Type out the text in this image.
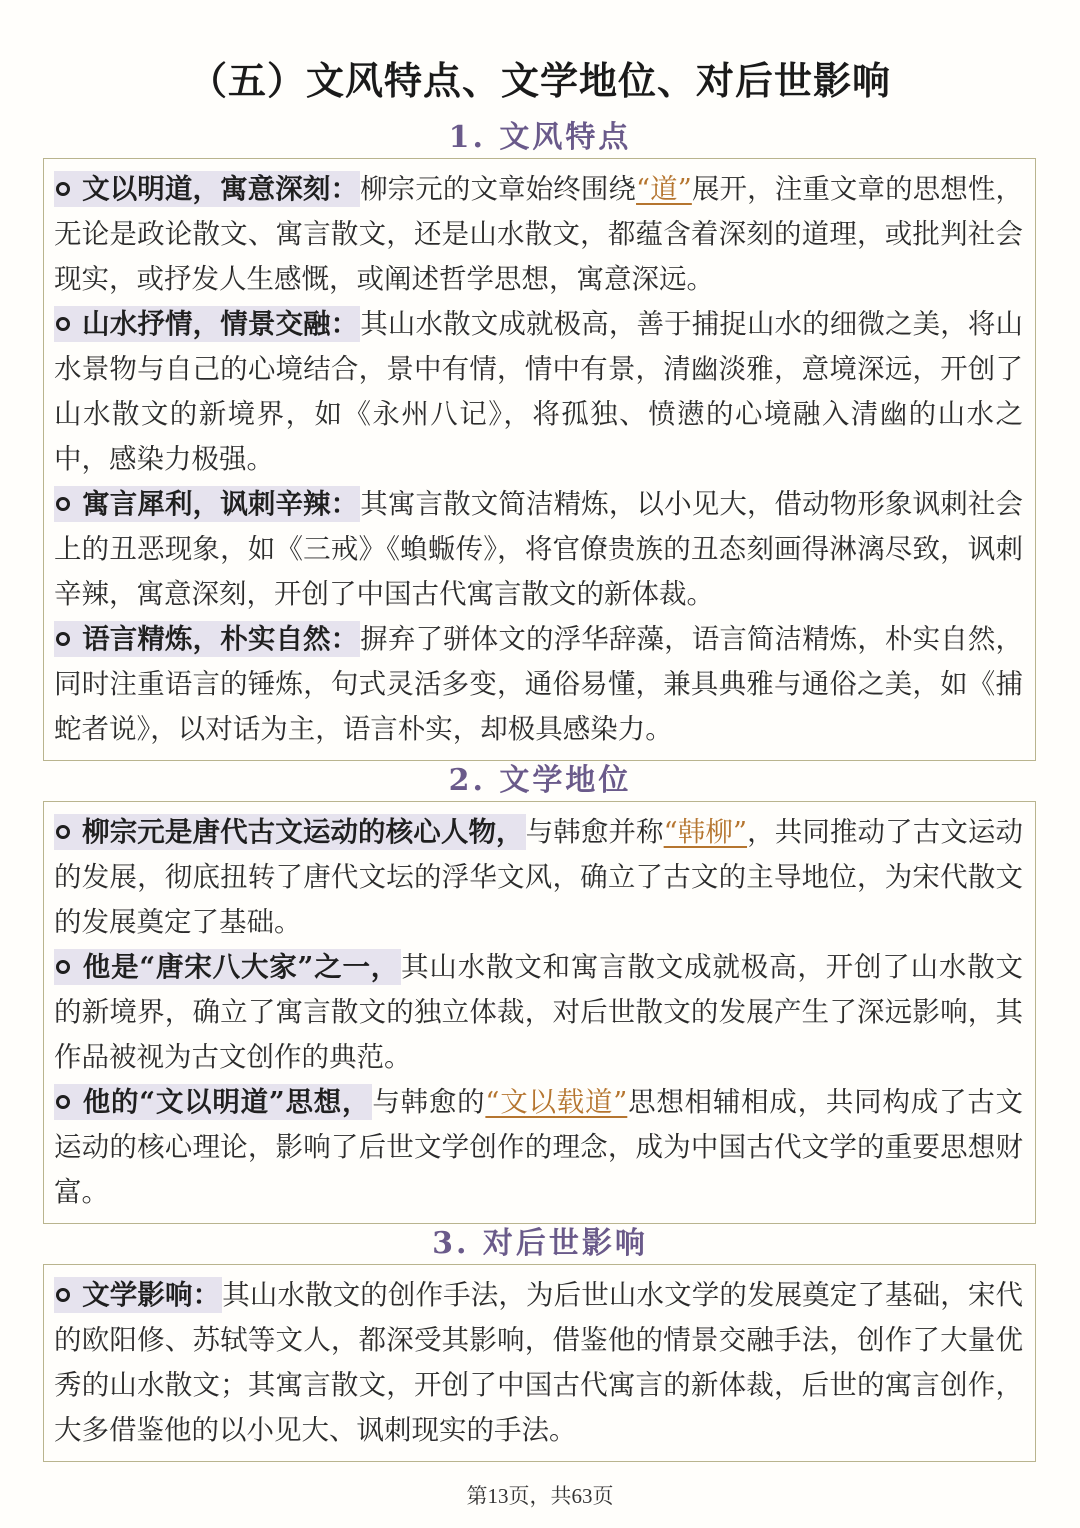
（五）文风特点、文学地位、对后世影响
1. 文风特点

文以明道，寓意深刻：柳宗元的文章始终围绕“道”展开，注重文章的思想性，无论是政论散文、寓言散文，还是山水散文，都蕴含着深刻的道理，或批判社会现实，或抒发人生感慨，或阐述哲学思想，寓意深远。

山水抒情，情景交融：其山水散文成就极高，善于捕捉山水的细微之美，将山水景物与自己的心境结合，景中有情，情中有景，清幽淡雅，意境深远，开创了山水散文的新境界，如《永州八记》，将孤独、愤懑的心境融入清幽的山水之中，感染力极强。

寓言犀利，讽刺辛辣：其寓言散文简洁精炼，以小见大，借动物形象讽刺社会上的丑恶现象，如《三戒》《蝜蝂传》，将官僚贵族的丑态刻画得淋漓尽致，讽刺辛辣，寓意深刻，开创了中国古代寓言散文的新体裁。

语言精炼，朴实自然：摒弃了骈体文的浮华辞藻，语言简洁精炼，朴实自然，同时注重语言的锤炼，句式灵活多变，通俗易懂，兼具典雅与通俗之美，如《捕蛇者说》，以对话为主，语言朴实，却极具感染力。

2. 文学地位

柳宗元是唐代古文运动的核心人物，与韩愈并称“韩柳”，共同推动了古文运动的发展，彻底扭转了唐代文坛的浮华文风，确立了古文的主导地位，为宋代散文的发展奠定了基础。

他是“唐宋八大家”之一，其山水散文和寓言散文成就极高，开创了山水散文的新境界，确立了寓言散文的独立体裁，对后世散文的发展产生了深远影响，其作品被视为古文创作的典范。

他的“文以明道”思想，与韩愈的“文以载道”思想相辅相成，共同构成了古文运动的核心理论，影响了后世文学创作的理念，成为中国古代文学的重要思想财富。

3. 对后世影响

文学影响：其山水散文的创作手法，为后世山水文学的发展奠定了基础，宋代的欧阳修、苏轼等文人，都深受其影响，借鉴他的情景交融手法，创作了大量优秀的山水散文；其寓言散文，开创了中国古代寓言的新体裁，后世的寓言创作，大多借鉴他的以小见大、讽刺现实的手法。

第13页，共63页
